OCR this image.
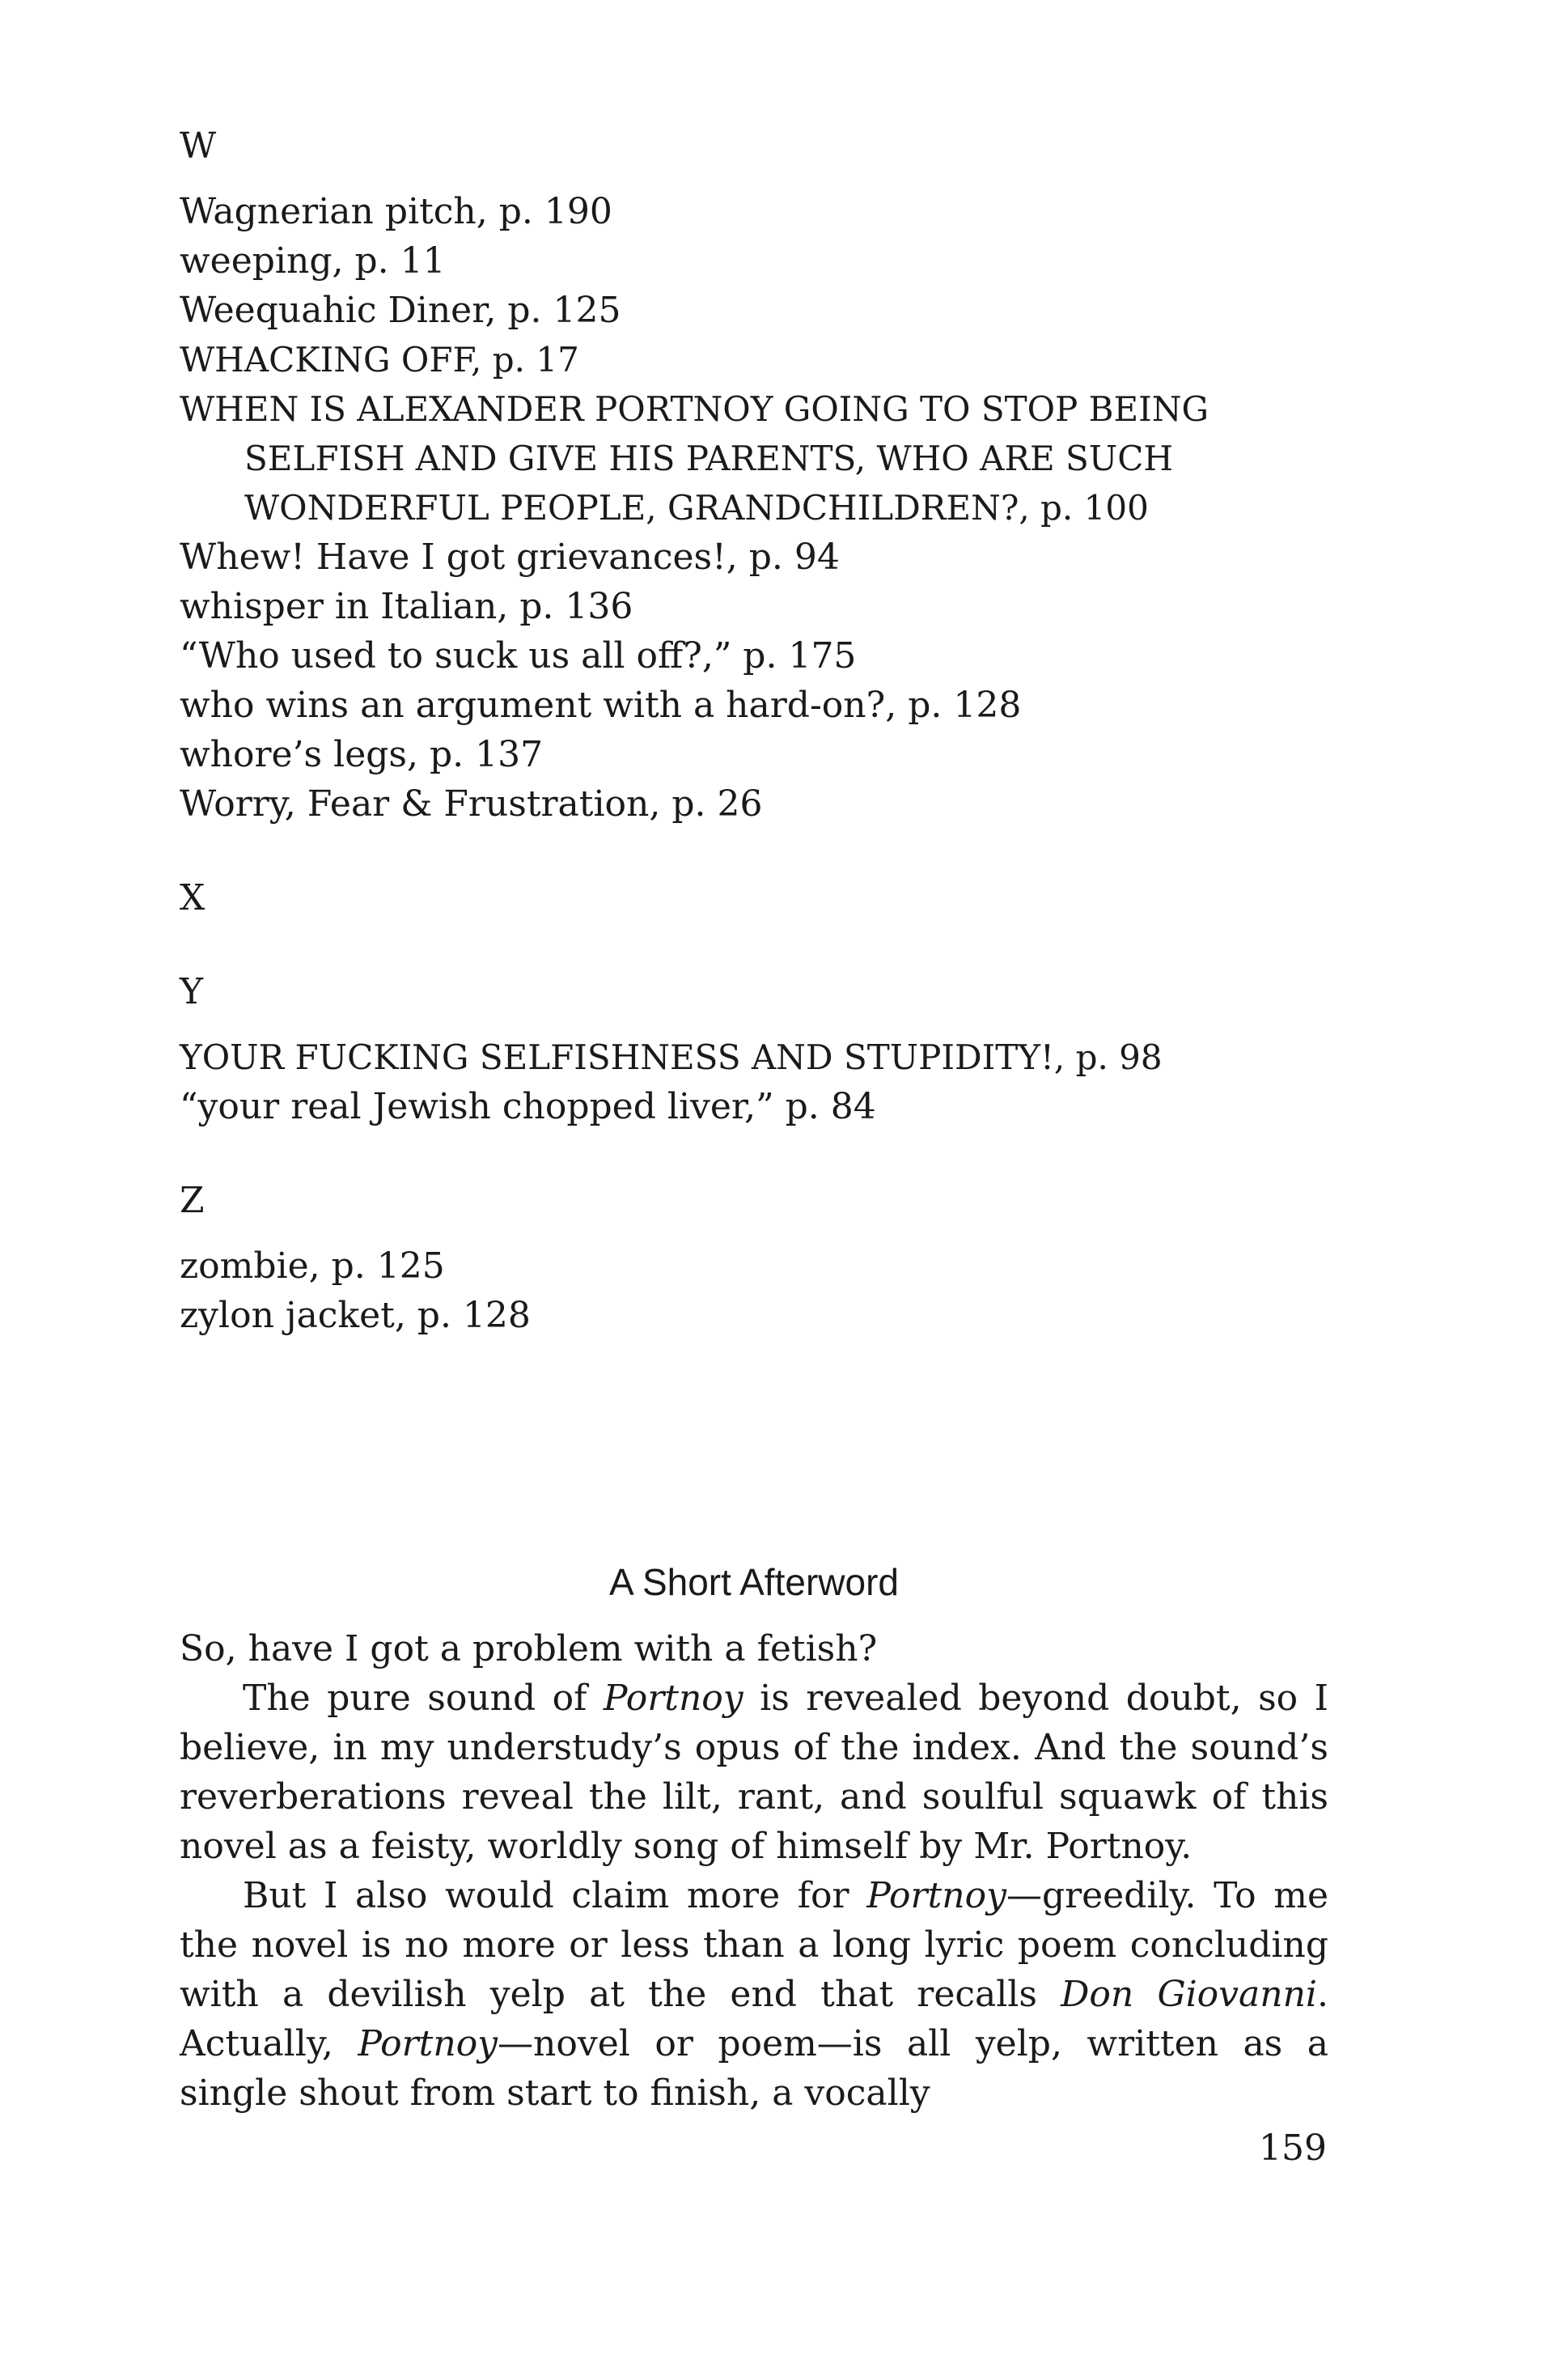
W
Wagnerian pitch, p. 190
weeping, p. 11
Weequahic Diner, p. 125
WHACKING OFF, p. 17
WHEN IS ALEXANDER PORTNOY GOING TO STOP BEING SELFISH AND GIVE HIS PARENTS, WHO ARE SUCH WONDERFUL PEOPLE, GRANDCHILDREN?, p. 100
Whew! Have I got grievances!, p. 94
whisper in Italian, p. 136
“Who used to suck us all off?,” p. 175
who wins an argument with a hard-on?, p. 128
whore’s legs, p. 137
Worry, Fear & Frustration, p. 26
X
Y
YOUR FUCKING SELFISHNESS AND STUPIDITY!, p. 98
“your real Jewish chopped liver,” p. 84
Z
zombie, p. 125
zylon jacket, p. 128
A Short Afterword

So, have I got a problem with a fetish?

The pure sound of Portnoy is revealed beyond doubt, so I believe, in my understudy’s opus of the index. And the sound’s reverberations reveal the lilt, rant, and soulful squawk of this novel as a feisty, worldly song of himself by Mr. Portnoy.

But I also would claim more for Portnoy—greedily. To me the novel is no more or less than a long lyric poem concluding with a devilish yelp at the end that recalls Don Giovanni. Actually, Portnoy—novel or poem—is all yelp, written as a single shout from start to finish, a vocally

159
